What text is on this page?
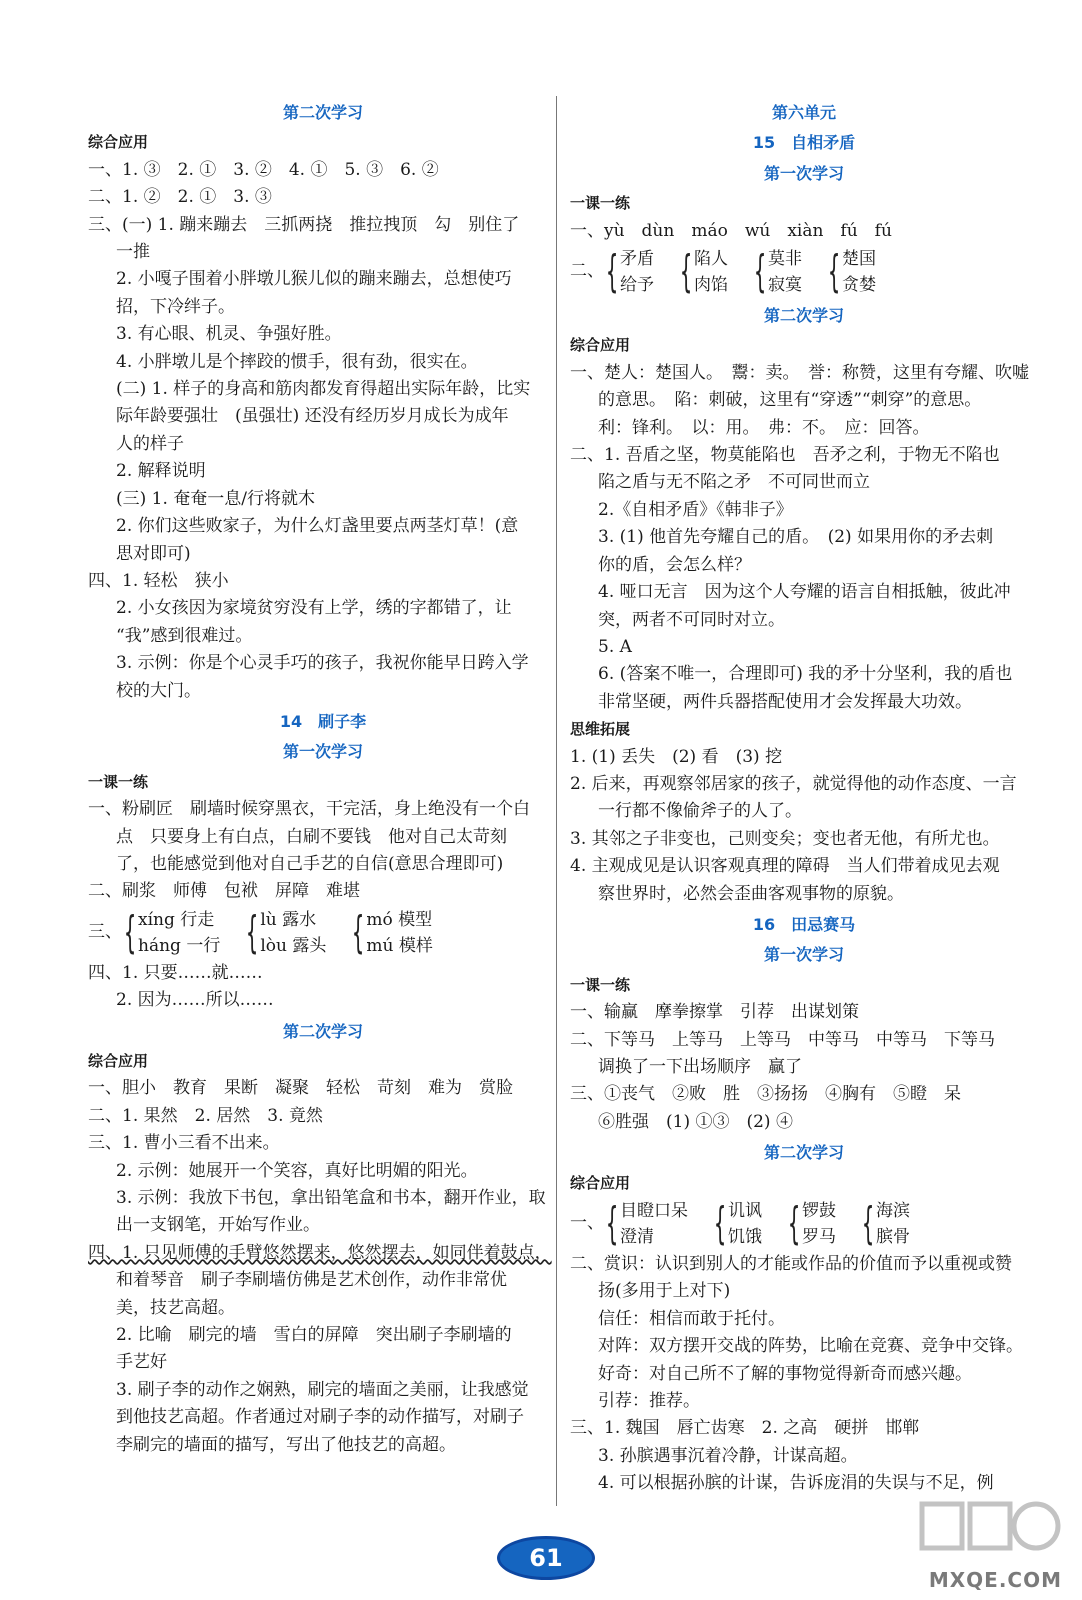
第二次学习
综合应用
一、1. ③　2. ①　3. ②　4. ①　5. ③　6. ②
二、1. ②　2. ①　3. ③
三、(一) 1. 蹦来蹦去　三抓两挠　推拉拽顶　勾　别住了
一推
2. 小嘎子围着小胖墩儿猴儿似的蹦来蹦去，总想使巧
招，下冷绊子。
3. 有心眼、机灵、争强好胜。
4. 小胖墩儿是个摔跤的惯手，很有劲，很实在。
(二) 1. 样子的身高和筋肉都发育得超出实际年龄，比实
际年龄要强壮　(虽强壮) 还没有经历岁月成长为成年
人的样子
2. 解释说明
(三) 1. 奄奄一息/行将就木
2. 你们这些败家子，为什么灯盏里要点两茎灯草！(意
思对即可)
四、1. 轻松　狭小
2. 小女孩因为家境贫穷没有上学，绣的字都错了，让
“我”感到很难过。
3. 示例：你是个心灵手巧的孩子，我祝你能早日跨入学
校的大门。
14　刷子李
第一次学习
一课一练
一、粉刷匠　刷墙时候穿黑衣，干完活，身上绝没有一个白
点　只要身上有白点，白刷不要钱　他对自己太苛刻
了，也能感觉到他对自己手艺的自信(意思合理即可)
二、刷浆　师傅　包袱　屏障　难堪
三、 { xíng 行走
háng 一行 { lù 露水
lòu 露头 { mó 模型
mú 模样
四、1. 只要……就……
2. 因为……所以……
第二次学习
综合应用
一、胆小　教育　果断　凝聚　轻松　苛刻　难为　赏脸
二、1. 果然　2. 居然　3. 竟然
三、1. 曹小三看不出来。
2. 示例：她展开一个笑容，真好比明媚的阳光。
3. 示例：我放下书包，拿出铅笔盒和书本，翻开作业，取
出一支钢笔，开始写作业。
四、1. 只见师傅的手臂悠然摆来，悠然摆去，如同伴着鼓点，
和着琴音　刷子李刷墙仿佛是艺术创作，动作非常优
美，技艺高超。
2. 比喻　刷完的墙　雪白的屏障　突出刷子李刷墙的
手艺好
3. 刷子李的动作之娴熟，刷完的墙面之美丽，让我感觉
到他技艺高超。作者通过对刷子李的动作描写，对刷子
李刷完的墙面的描写，写出了他技艺的高超。
第六单元
15　自相矛盾
第一次学习
一课一练
一、yù　dùn　máo　wú　xiàn　fú　fú
二、 { 矛盾
给予 { 陷人
肉馅 { 莫非
寂寞 { 楚国
贪婪
第二次学习
综合应用
一、楚人：楚国人。　鬻：卖。　誉：称赞，这里有夸耀、吹嘘
的意思。　陷：刺破，这里有“穿透”“刺穿”的意思。
利：锋利。　以：用。　弗：不。　应：回答。
二、1. 吾盾之坚，物莫能陷也　吾矛之利，于物无不陷也
陷之盾与无不陷之矛　不可同世而立
2.《自相矛盾》《韩非子》
3. (1) 他首先夸耀自己的盾。　(2) 如果用你的矛去刺
你的盾，会怎么样？
4. 哑口无言　因为这个人夸耀的语言自相抵触，彼此冲
突，两者不可同时对立。
5. A
6. (答案不唯一，合理即可) 我的矛十分坚利，我的盾也
非常坚硬，两件兵器搭配使用才会发挥最大功效。
思维拓展
1. (1) 丢失　(2) 看　(3) 挖
2. 后来，再观察邻居家的孩子，就觉得他的动作态度、一言
一行都不像偷斧子的人了。
3. 其邻之子非变也，己则变矣；变也者无他，有所尤也。
4. 主观成见是认识客观真理的障碍　当人们带着成见去观
察世界时，必然会歪曲客观事物的原貌。
16　田忌赛马
第一次学习
一课一练
一、输赢　摩拳擦掌　引荐　出谋划策
二、下等马　上等马　上等马　中等马　中等马　下等马
调换了一下出场顺序　赢了
三、①丧气　②败　胜　③扬扬　④胸有　⑤瞪　呆
⑥胜强　(1) ①③　(2) ④
第二次学习
综合应用
一、 { 目瞪口呆
澄清	{ 讥讽
饥饿 { 锣鼓
罗马 { 海滨
膑骨
二、赏识：认识到别人的才能或作品的价值而予以重视或赞
扬(多用于上对下)
信任：相信而敢于托付。
对阵：双方摆开交战的阵势，比喻在竞赛、竞争中交锋。
好奇：对自己所不了解的事物觉得新奇而感兴趣。
引荐：推荐。
三、1. 魏国　唇亡齿寒　2. 之高　硬拼　邯郸
3. 孙膑遇事沉着冷静，计谋高超。
4. 可以根据孙膑的计谋，告诉庞涓的失误与不足，例
61
MXQE.COM
